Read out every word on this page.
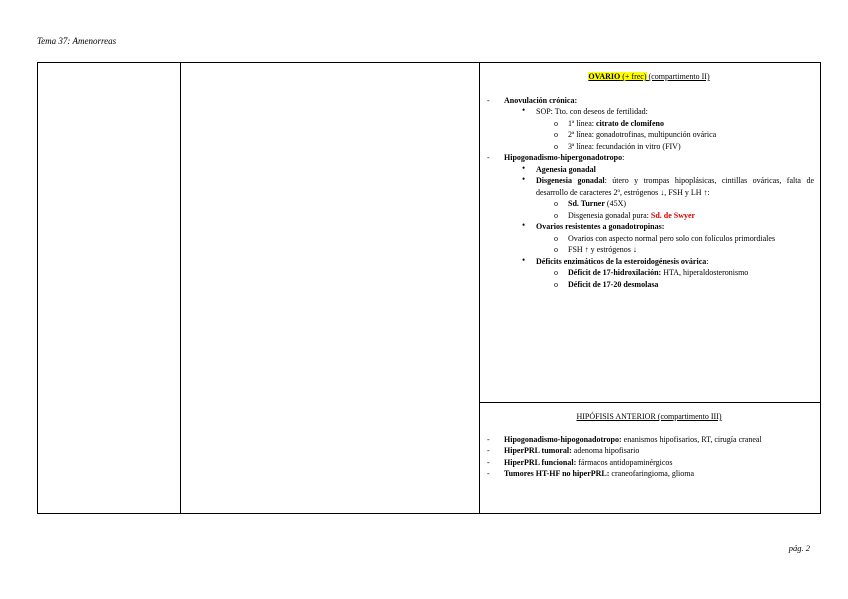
Tema 37: Amenorreas
OVARIO (+ frec) (compartimento II)
- Anovulación crónica:
• SOP: Tto. con deseos de fertilidad:
o 1ª línea: citrato de clomifeno
o 2ª línea: gonadotrofinas, multipunción ovárica
o 3ª línea: fecundación in vitro (FIV)
- Hipogonadismo-hipergonadotropo:
• Agenesia gonadal
• Disgenesia gonadal: útero y trompas hipoplásicas, cintillas ováricas, falta de desarrollo de caracteres 2º, estrógenos ↓, FSH y LH ↑:
o Sd. Turner (45X)
o Disgenesia gonadal pura: Sd. de Swyer
• Ovarios resistentes a gonadotropinas:
o Ovarios con aspecto normal pero solo con folículos primordiales
o FSH ↑ y estrógenos ↓
• Déficits enzimáticos de la esteroidogénesis ovárica:
o Déficit de 17-hidroxilación: HTA, hiperaldosteronismo
o Déficit de 17-20 desmolasa
HIPÓFISIS ANTERIOR (compartimento III)
- Hipogonadismo-hipogonadotropo: enanismos hipofisarios, RT, cirugía craneal
- HiperPRL tumoral: adenoma hipofisario
- HiperPRL funcional: fármacos antidopaminérgicos
- Tumores HT-HF no hiperPRL: craneofaringioma, glioma
pág. 2
